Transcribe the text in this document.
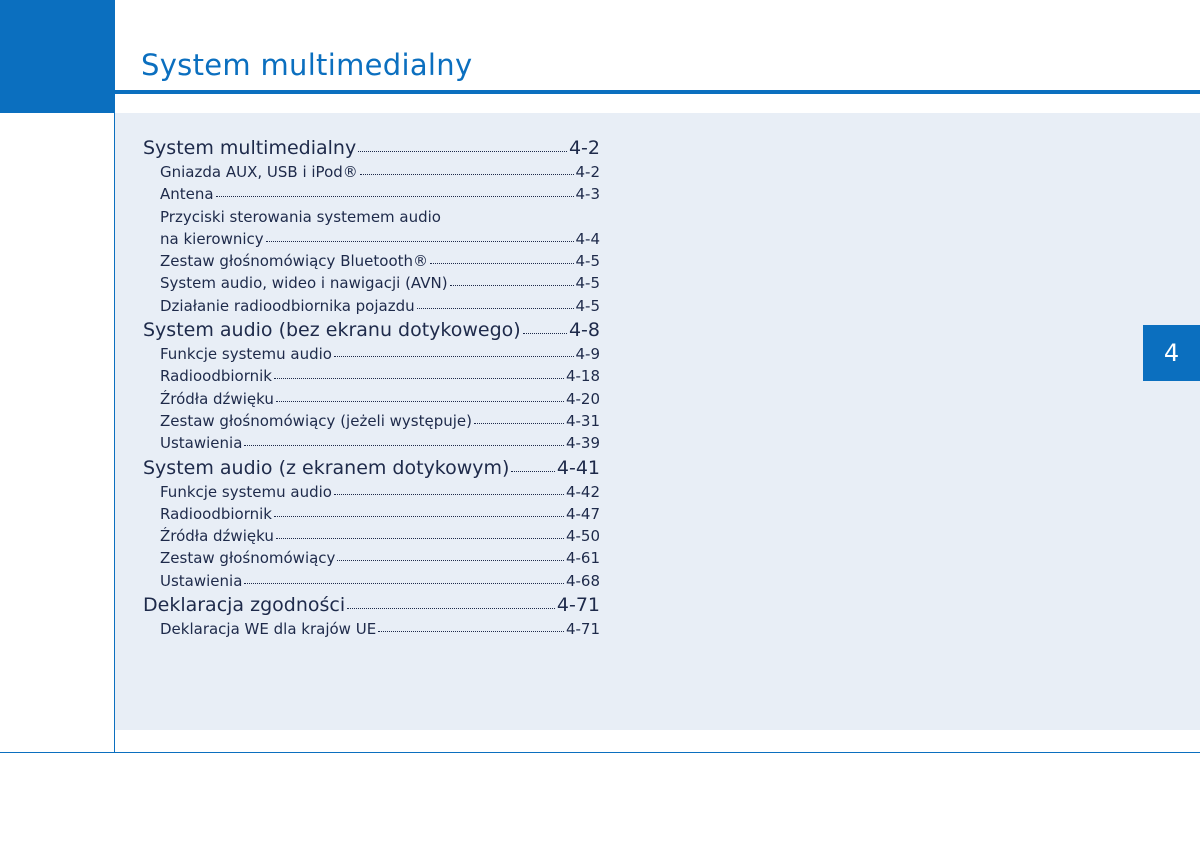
System multimedialny
4
System multimedialny	4-2
Gniazda AUX, USB i iPod®	4-2
Antena	4-3
Przyciski sterowania systemem audio
na kierownicy	4-4
Zestaw głośnomówiący Bluetooth®	4-5
System audio, wideo i nawigacji (AVN)	4-5
Działanie radioodbiornika pojazdu	4-5
System audio (bez ekranu dotykowego)	4-8
Funkcje systemu audio	4-9
Radioodbiornik	4-18
Źródła dźwięku	4-20
Zestaw głośnomówiący (jeżeli występuje)	4-31
Ustawienia	4-39
System audio (z ekranem dotykowym) 4-41
Funkcje systemu audio	4-42
Radioodbiornik	4-47
Źródła dźwięku	4-50
Zestaw głośnomówiący	4-61
Ustawienia	4-68
Deklaracja zgodności	4-71
Deklaracja WE dla krajów UE	4-71
